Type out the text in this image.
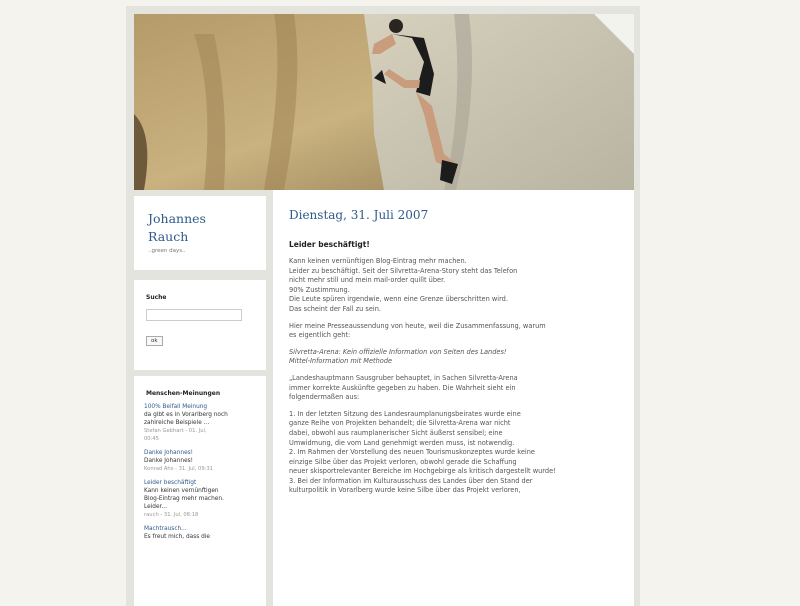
Johannes
Rauch
..green days..
Suche
ok
Menschen-Meinungen
100% Beifall Meinung
da gibt es in Vorarlberg noch
zahlreiche Beispiele ...
Stefan Gebhart - 01. Jul,
00:45
Danke Johannes!
Danke Johannes!
Konrad Ahs - 31. Jul, 09:31
Leider beschäftigt
Kann keinen vernünftigen
Blog-Eintrag mehr machen.
Leider...
rauch - 31. Jul, 08:18
Machtrausch...
Es freut mich, dass die
Dienstag, 31. Juli 2007
Leider beschäftigt!
Kann keinen vernünftigen Blog-Eintrag mehr machen.
Leider zu beschäftigt. Seit der Silvretta-Arena-Story steht das Telefon
nicht mehr still und mein mail-order quillt über.
90% Zustimmung.
Die Leute spüren irgendwie, wenn eine Grenze überschritten wird.
Das scheint der Fall zu sein.
Hier meine Presseaussendung von heute, weil die Zusammenfassung, warum
es eigentlich geht:
Silvretta-Arena: Kein offizielle Information von Seiten des Landes!
Mittel-Information mit Methode
„Landeshauptmann Sausgruber behauptet, in Sachen Silvretta-Arena
immer korrekte Auskünfte gegeben zu haben. Die Wahrheit sieht ein
folgendermaßen aus:
1. In der letzten Sitzung des Landesraumplanungsbeirates wurde eine
ganze Reihe von Projekten behandelt; die Silvretta-Arena war nicht
dabei, obwohl aus raumplanerischer Sicht äußerst sensibel; eine
Umwidmung, die vom Land genehmigt werden muss, ist notwendig.
2. Im Rahmen der Vorstellung des neuen Tourismuskonzeptes wurde keine
einzige Silbe über das Projekt verloren, obwohl gerade die Schaffung
neuer skisportrelevanter Bereiche im Hochgebirge als kritisch dargestellt wurde!
3. Bei der Information im Kulturausschuss des Landes über den Stand der
kulturpolitik in Vorarlberg wurde keine Silbe über das Projekt verloren,
